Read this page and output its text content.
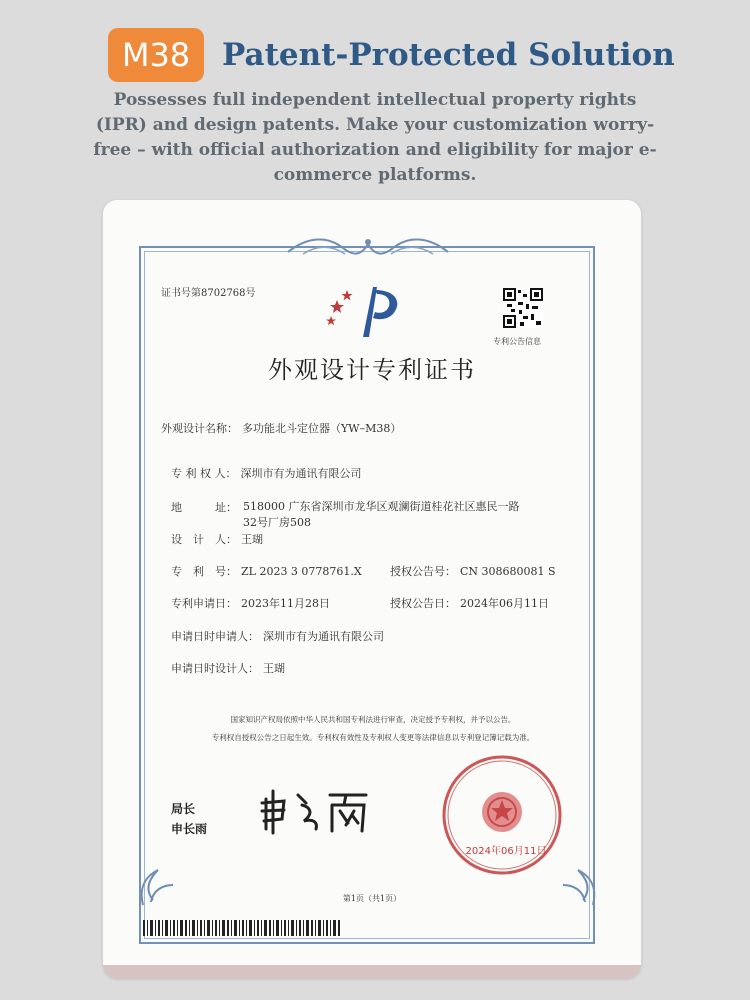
M38	Patent-Protected Solution
Possesses full independent intellectual property rights (IPR) and design patents. Make your customization worry-free – with official authorization and eligibility for major e-commerce platforms.
证书号第8702768号
专利公告信息
外观设计专利证书
外观设计名称： 多功能北斗定位器（YW–M38）
专 利 权 人： 深圳市有为通讯有限公司
地　　　址： 518000 广东省深圳市龙华区观澜街道桂花社区惠民一路32号厂房508
设　计　人： 王瑚
专　利　号： ZL 2023 3 0778761.X	授权公告号： CN 308680081 S
专利申请日： 2023年11月28日	授权公告日： 2024年06月11日
申请日时申请人： 深圳市有为通讯有限公司
申请日时设计人： 王瑚
国家知识产权局依照中华人民共和国专利法进行审查，决定授予专利权，并予以公告。
专利权自授权公告之日起生效。专利权有效性及专利权人变更等法律信息以专利登记簿记载为准。
局长
申长雨
2024年06月11日
第1页（共1页）
